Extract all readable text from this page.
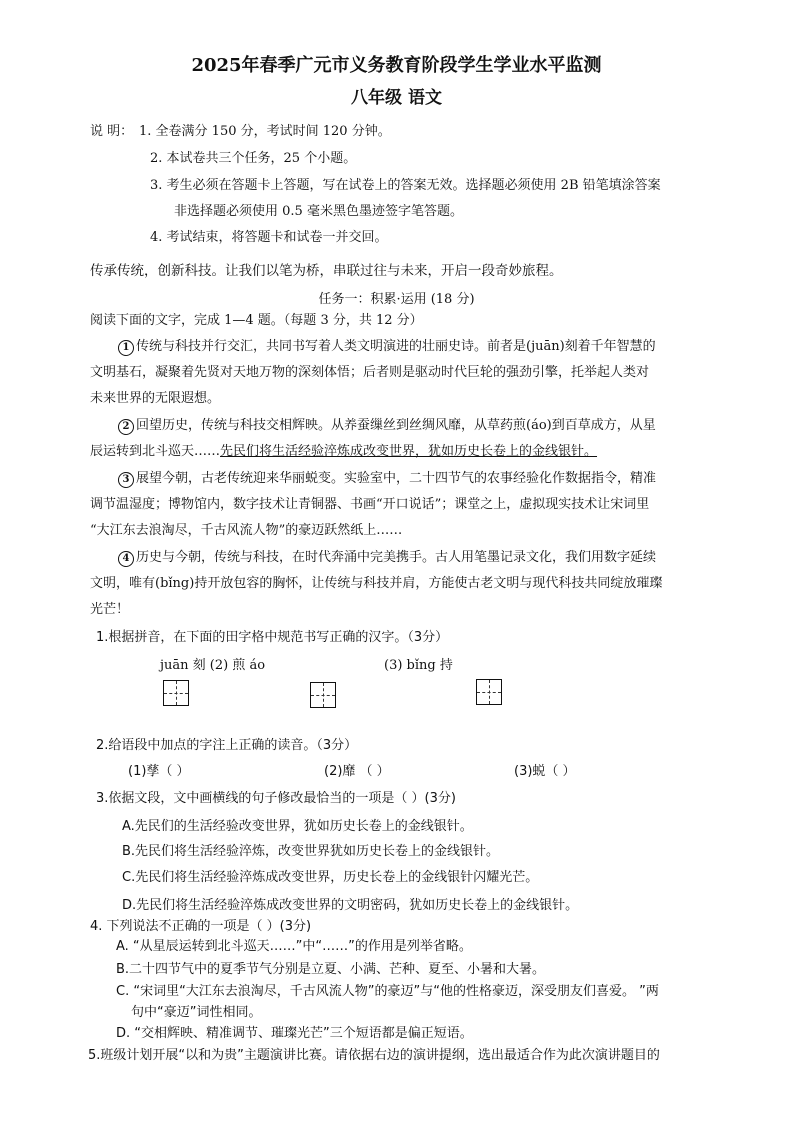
2025年春季广元市义务教育阶段学生学业水平监测
八年级 语文
说 明： 1. 全卷满分 150 分，考试时间 120 分钟。
2. 本试卷共三个任务，25 个小题。
3. 考生必须在答题卡上答题，写在试卷上的答案无效。选择题必须使用 2B 铅笔填涂答案
非选择题必须使用 0.5 毫米黑色墨迹签字笔答题。
4. 考试结束，将答题卡和试卷一并交回。
传承传统，创新科技。让我们以笔为桥，串联过往与未来，开启一段奇妙旅程。
任务一：积累·运用 (18 分)
阅读下面的文字，完成 1—4 题。（每题 3 分，共 12 分）
1 传统与科技并行交汇，共同书写着人类文明演进的壮丽史诗。前者是(juān)刻着千年智慧的
文明基石，凝聚着先贤对天地万物的深刻体悟；后者则是驱动时代巨轮的强劲引擎，托举起人类对
未来世界的无限遐想。
2 回望历史，传统与科技交相辉映。从养蚕缫丝到丝绸风靡，从草药煎(áo)到百草成方，从星
辰运转到北斗巡天……先民们将生活经验淬炼成改变世界，犹如历史长卷上的金线银针。
3 展望今朝，古老传统迎来华丽蜕变。实验室中，二十四节气的农事经验化作数据指令，精准
调节温湿度；博物馆内，数字技术让青铜器、书画“开口说话”；课堂之上，虚拟现实技术让宋词里
“大江东去浪淘尽，千古风流人物”的豪迈跃然纸上……
4 历史与今朝，传统与科技，在时代奔涌中完美携手。古人用笔墨记录文化，我们用数字延续
文明，唯有(bǐng)持开放包容的胸怀，让传统与科技并肩，方能使古老文明与现代科技共同绽放璀璨
光芒！
1.根据拼音，在下面的田字格中规范书写正确的汉字。（3分）
juān 刻 (2) 煎 áo	(3) bǐng 持
2.给语段中加点的字注上正确的读音。（3分）
(1)孳（ ）	(2)靡 （ ）	(3)蜕（ ）
3.依据文段，文中画横线的句子修改最恰当的一项是（ ）(3分)
A.先民们的生活经验改变世界，犹如历史长卷上的金线银针。
B.先民们将生活经验淬炼，改变世界犹如历史长卷上的金线银针。
C.先民们将生活经验淬炼成改变世界，历史长卷上的金线银针闪耀光芒。
D.先民们将生活经验淬炼成改变世界的文明密码，犹如历史长卷上的金线银针。
4. 下列说法不正确的一项是（ ）(3分)
A. “从星辰运转到北斗巡天……”中“……”的作用是列举省略。
B.二十四节气中的夏季节气分别是立夏、小满、芒种、夏至、小暑和大暑。
C. “宋词里“大江东去浪淘尽，千古风流人物”的豪迈”与“他的性格豪迈，深受朋友们喜爱。 ”两
句中“豪迈”词性相同。
D. “交相辉映、精准调节、璀璨光芒”三个短语都是偏正短语。
5.班级计划开展“以和为贵”主题演讲比赛。请依据右边的演讲提纲，选出最适合作为此次演讲题目的
